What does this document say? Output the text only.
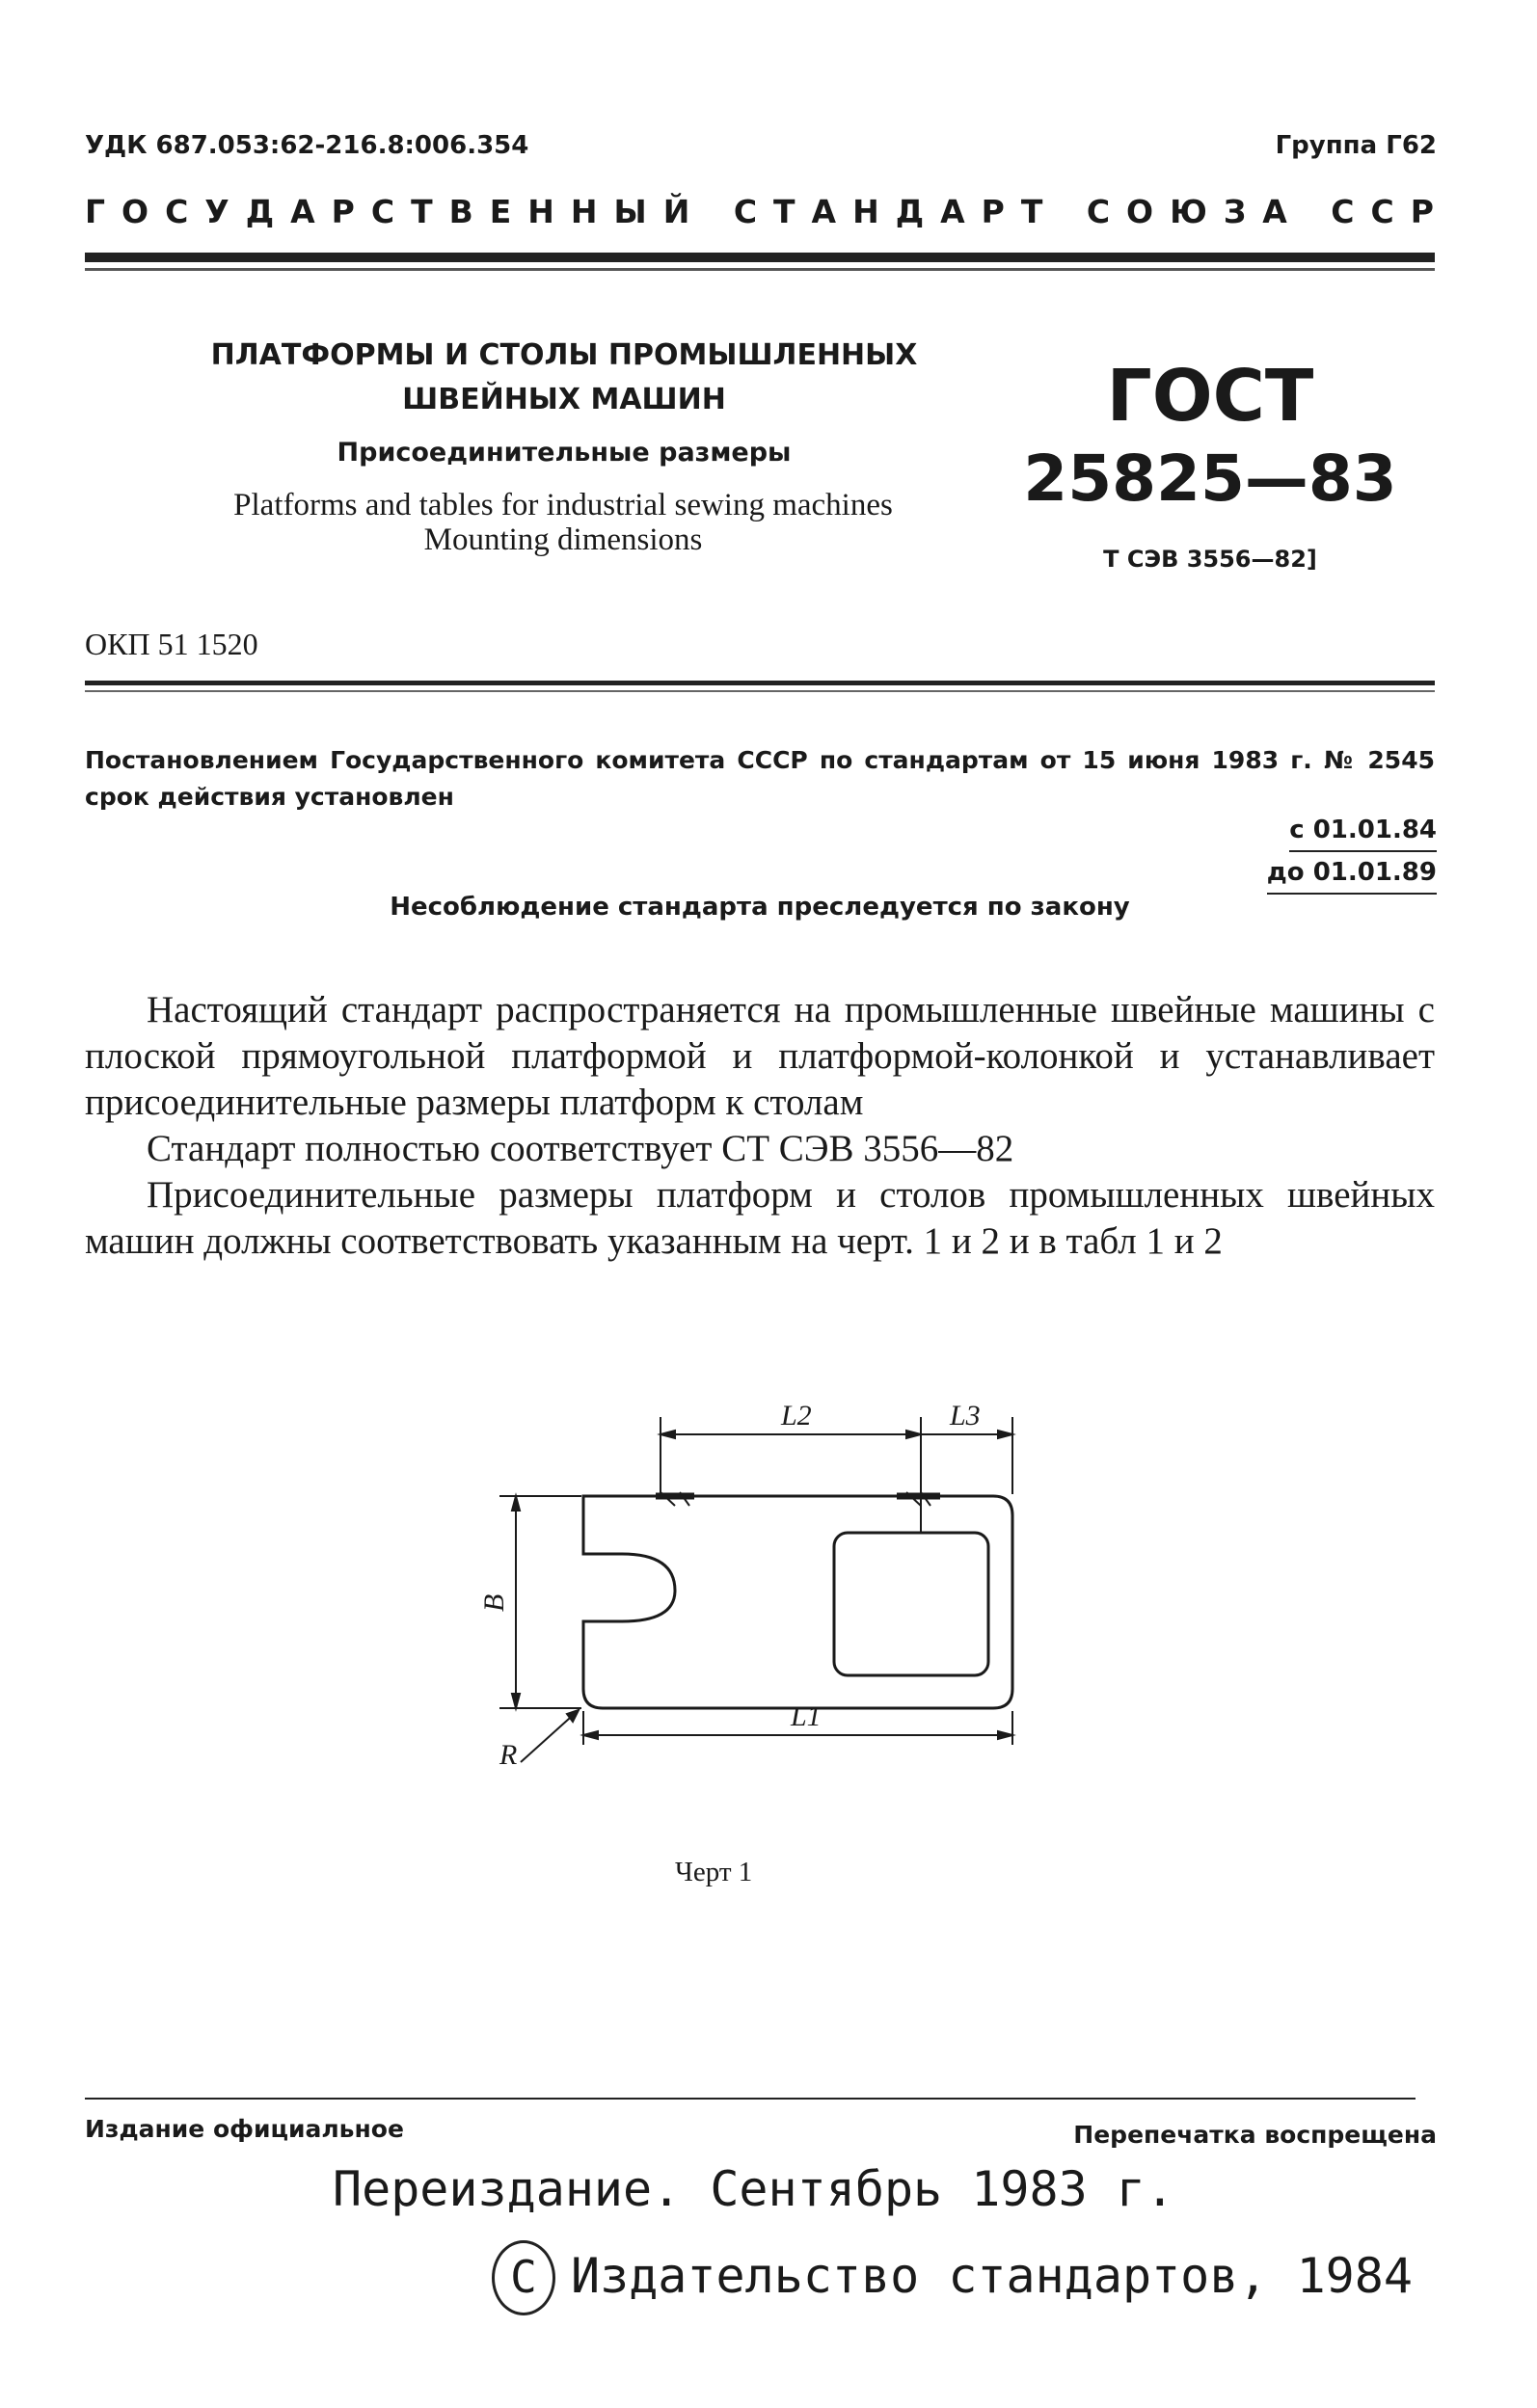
УДК 687.053:62-216.8:006.354	Группа Г62
ГОСУДАРСТВЕННЫЙ СТАНДАРТ СОЮЗА ССР
ПЛАТФОРМЫ И СТОЛЫ ПРОМЫШЛЕННЫХ
ШВЕЙНЫХ МАШИН
Присоединительные размеры
Platforms and tables for industrial sewing machines
Mounting dimensions
ГОСТ
25825—83
Т СЭВ 3556—82]
ОКП 51 1520
Постановлением Государственного комитета СССР по стандартам от 15 июня 1983 г. № 2545 срок действия установлен
с 01.01.84
до 01.01.89
Несоблюдение стандарта преследуется по закону

Настоящий стандарт распространяется на промышленные швейные машины с плоской прямоугольной платформой и платформой-колонкой и устанавливает присоединительные размеры платформ к столам

Стандарт полностью соответствует СТ СЭВ 3556—82

Присоединительные размеры платформ и столов промышленных швейных машин должны соответствовать указанным на черт. 1 и 2 и в табл 1 и 2

L2	L3
L1
B
R
Черт 1
Издание официальное	Перепечатка воспрещена
Переиздание. Сентябрь 1983 г.
С Издательство стандартов, 1984
